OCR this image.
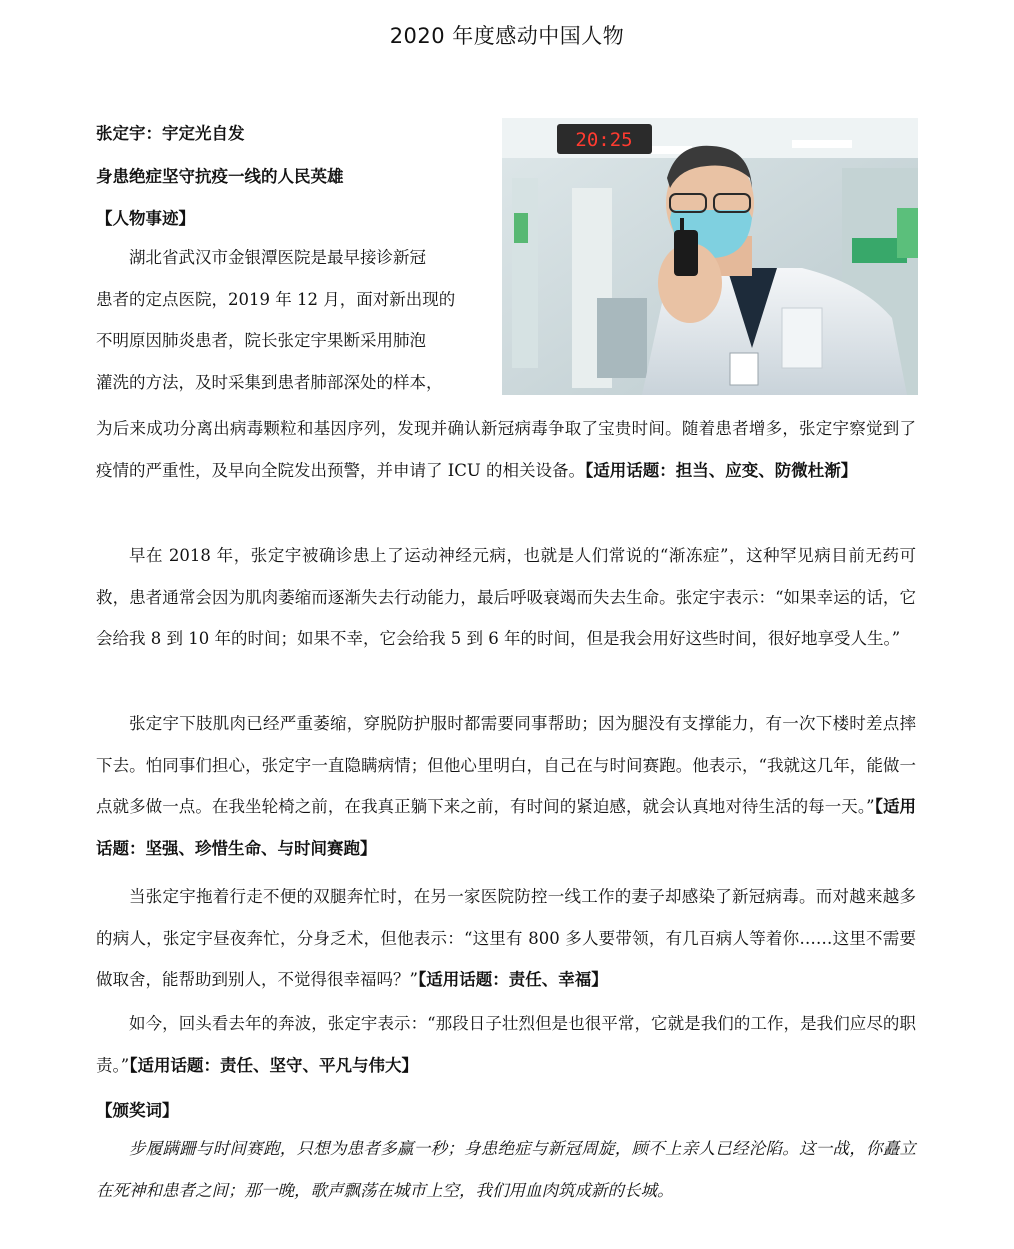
2020 年度感动中国人物
张定宇：宇定光自发
身患绝症坚守抗疫一线的人民英雄
【人物事迹】
20:25
湖北省武汉市金银潭医院是最早接诊新冠
患者的定点医院，2019 年 12 月，面对新出现的
不明原因肺炎患者，院长张定宇果断采用肺泡
灌洗的方法，及时采集到患者肺部深处的样本，
为后来成功分离出病毒颗粒和基因序列，发现并确认新冠病毒争取了宝贵时间。随着患者增多，张定宇察觉到了疫情的严重性，及早向全院发出预警，并申请了 ICU 的相关设备。【适用话题：担当、应变、防微杜渐】
早在 2018 年，张定宇被确诊患上了运动神经元病，也就是人们常说的“渐冻症”，这种罕见病目前无药可救，患者通常会因为肌肉萎缩而逐渐失去行动能力，最后呼吸衰竭而失去生命。张定宇表示：“如果幸运的话，它会给我 8 到 10 年的时间；如果不幸，它会给我 5 到 6 年的时间，但是我会用好这些时间，很好地享受人生。”
张定宇下肢肌肉已经严重萎缩，穿脱防护服时都需要同事帮助；因为腿没有支撑能力，有一次下楼时差点摔下去。怕同事们担心，张定宇一直隐瞒病情；但他心里明白，自己在与时间赛跑。他表示，“我就这几年，能做一点就多做一点。在我坐轮椅之前，在我真正躺下来之前，有时间的紧迫感，就会认真地对待生活的每一天。”【适用话题：坚强、珍惜生命、与时间赛跑】
当张定宇拖着行走不便的双腿奔忙时，在另一家医院防控一线工作的妻子却感染了新冠病毒。而对越来越多的病人，张定宇昼夜奔忙，分身乏术，但他表示：“这里有 800 多人要带领，有几百病人等着你……这里不需要做取舍，能帮助到别人，不觉得很幸福吗？”【适用话题：责任、幸福】
如今，回头看去年的奔波，张定宇表示：“那段日子壮烈但是也很平常，它就是我们的工作，是我们应尽的职责。”【适用话题：责任、坚守、平凡与伟大】
【颁奖词】
步履蹒跚与时间赛跑，只想为患者多赢一秒；身患绝症与新冠周旋，顾不上亲人已经沦陷。这一战，你矗立在死神和患者之间；那一晚，歌声飘荡在城市上空，我们用血肉筑成新的长城。
